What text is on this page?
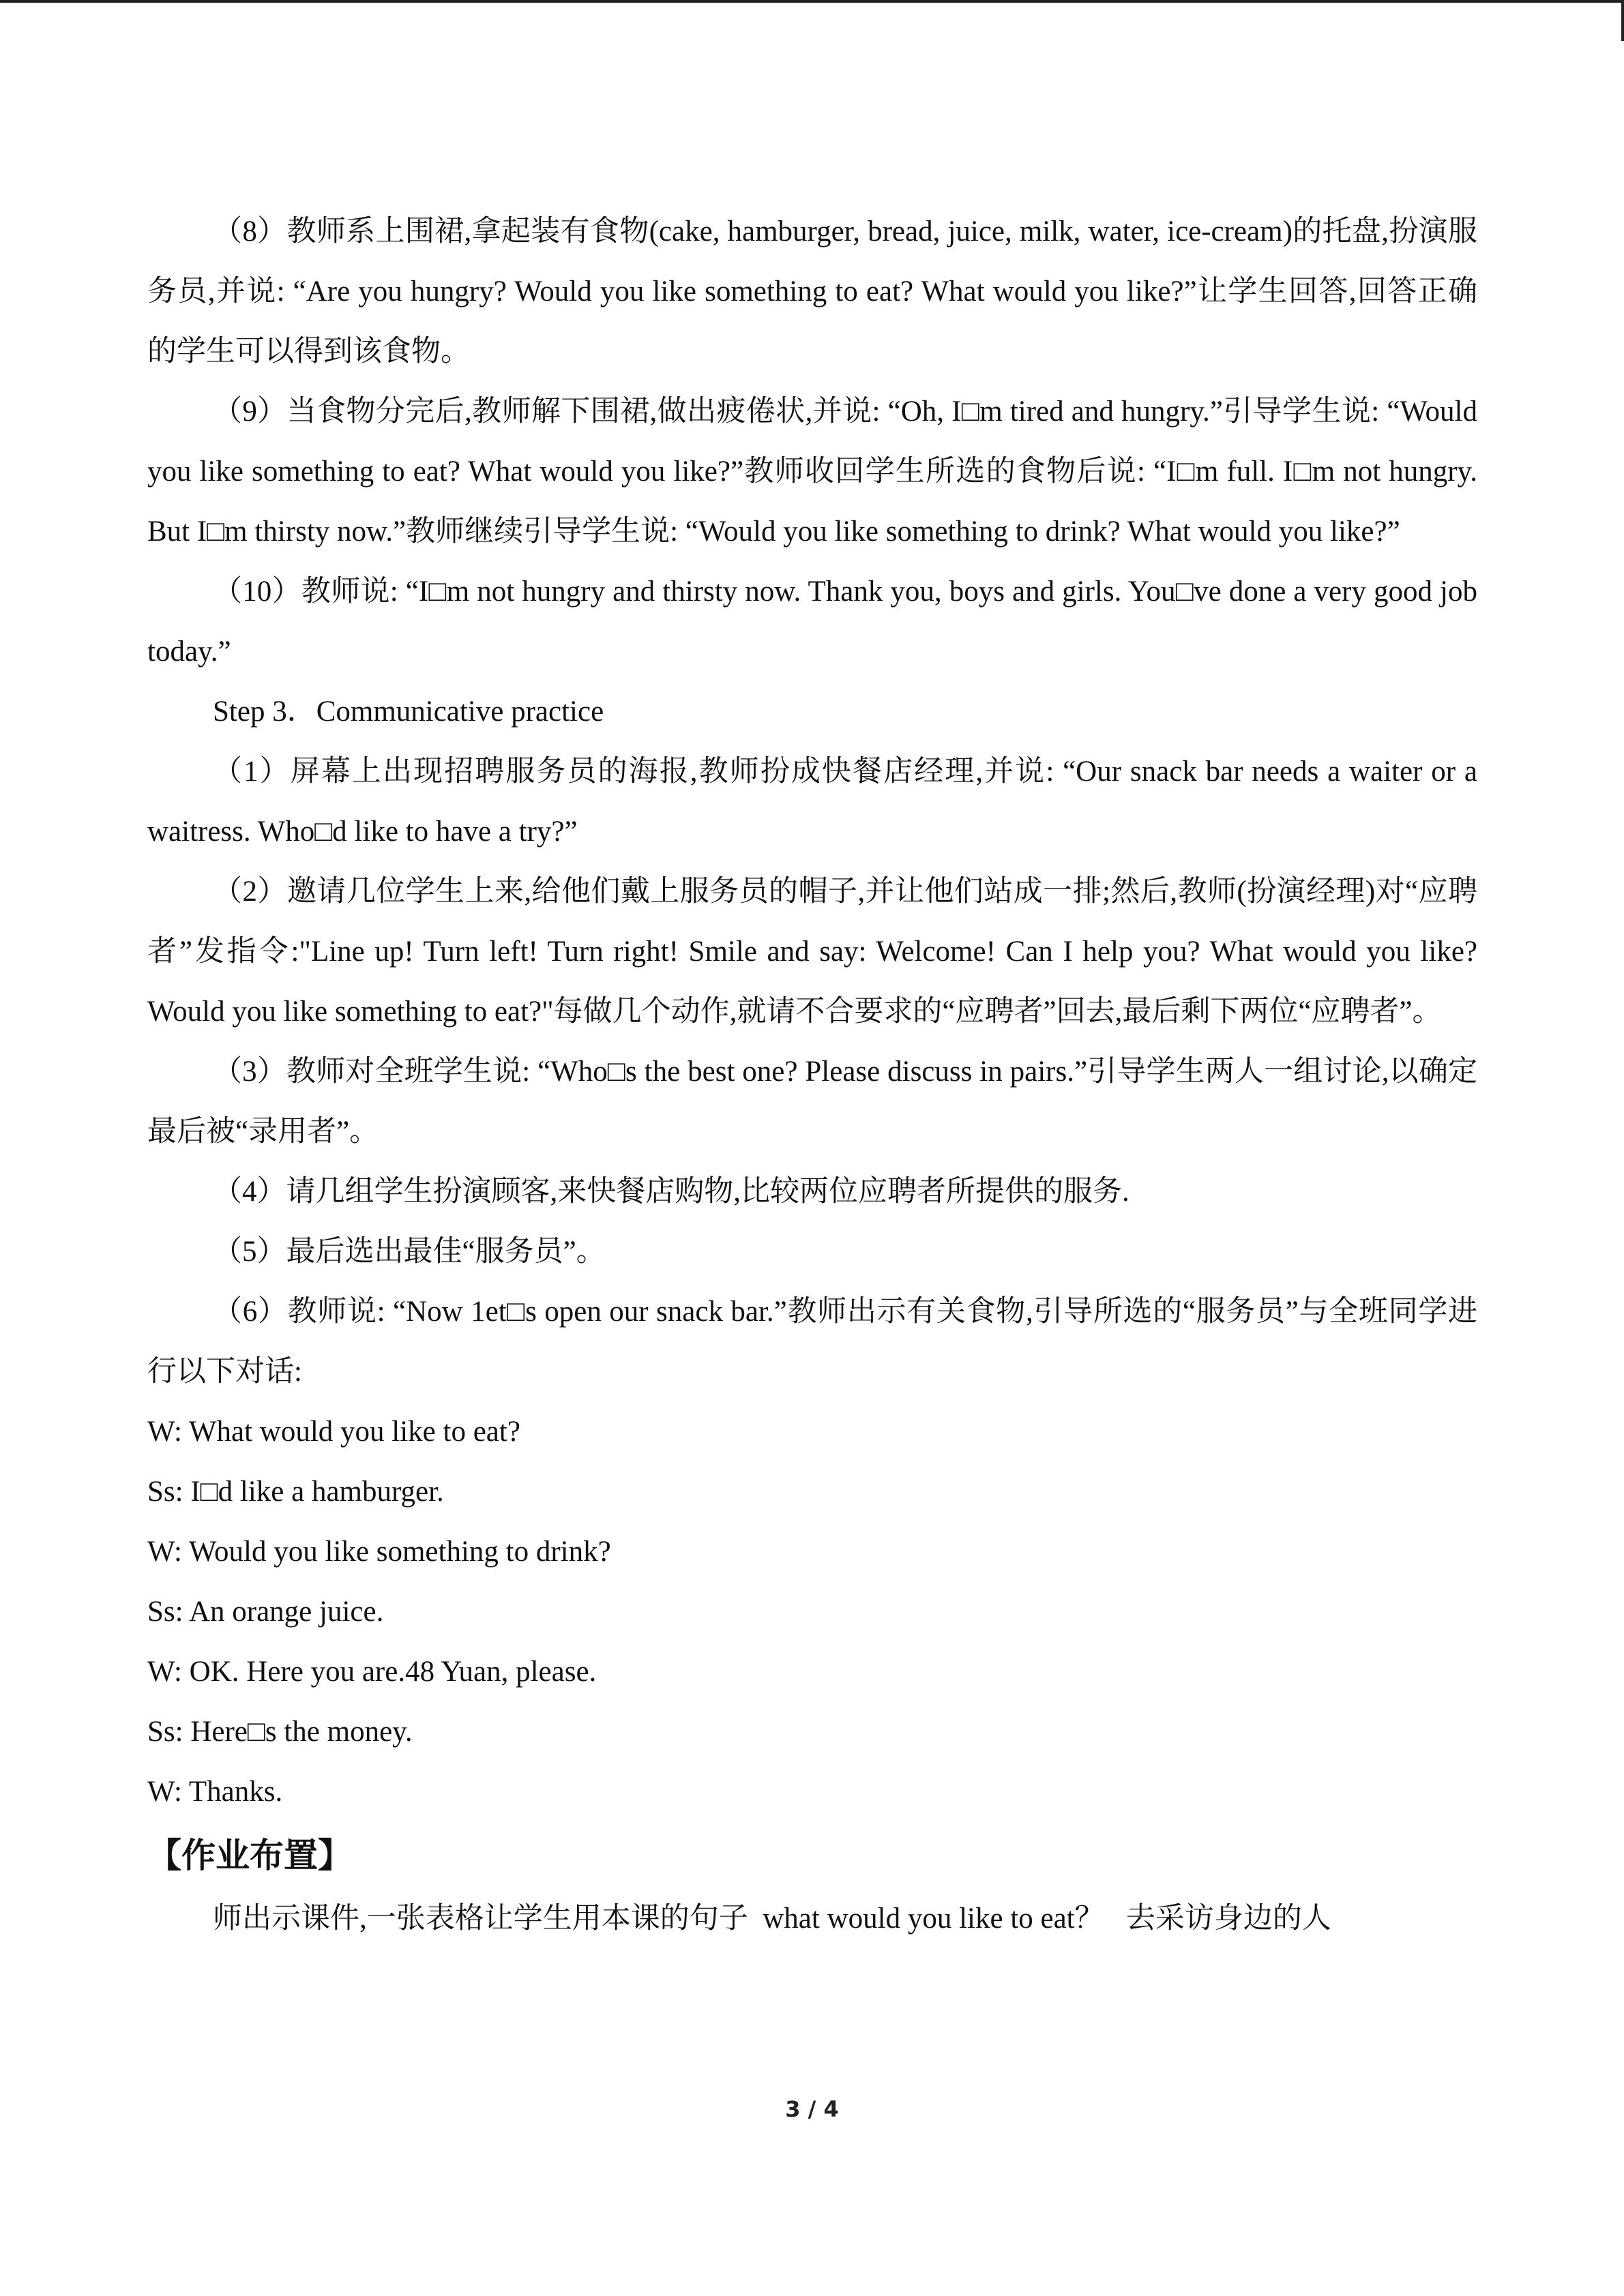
（8）教师系上围裙,拿起装有食物(cake, hamburger, bread, juice, milk, water, ice-cream)的托盘,扮演服务员,并说: “Are you hungry? Would you like something to eat? What would you like?”让学生回答,回答正确的学生可以得到该食物。

（9）当食物分完后,教师解下围裙,做出疲倦状,并说: “Oh, I□m tired and hungry.”引导学生说: “Would you like something to eat? What would you like?”教师收回学生所选的食物后说: “I□m full. I□m not hungry. But I□m thirsty now.”教师继续引导学生说: “Would you like something to drink? What would you like?”

（10）教师说: “I□m not hungry and thirsty now. Thank you, boys and girls. You□ve done a very good job today.”

Step 3．Communicative practice

（1）屏幕上出现招聘服务员的海报,教师扮成快餐店经理,并说: “Our snack bar needs a waiter or a waitress. Who□d like to have a try?”

（2）邀请几位学生上来,给他们戴上服务员的帽子,并让他们站成一排;然后,教师(扮演经理)对“应聘者”发指令:"Line up! Turn left! Turn right! Smile and say: Welcome! Can I help you? What would you like? Would you like something to eat?"每做几个动作,就请不合要求的“应聘者”回去,最后剩下两位“应聘者”。

（3）教师对全班学生说: “Who□s the best one? Please discuss in pairs.”引导学生两人一组讨论,以确定最后被“录用者”。

（4）请几组学生扮演顾客,来快餐店购物,比较两位应聘者所提供的服务.

（5）最后选出最佳“服务员”。

（6）教师说: “Now 1et□s open our snack bar.”教师出示有关食物,引导所选的“服务员”与全班同学进行以下对话:

W: What would you like to eat?

Ss: I□d like a hamburger.

W: Would you like something to drink?

Ss: An orange juice.

W: OK. Here you are.48 Yuan, please.

Ss: Here□s the money.

W: Thanks.

【作业布置】

师出示课件,一张表格让学生用本课的句子  what would you like to eat？   去采访身边的人

3 / 4
